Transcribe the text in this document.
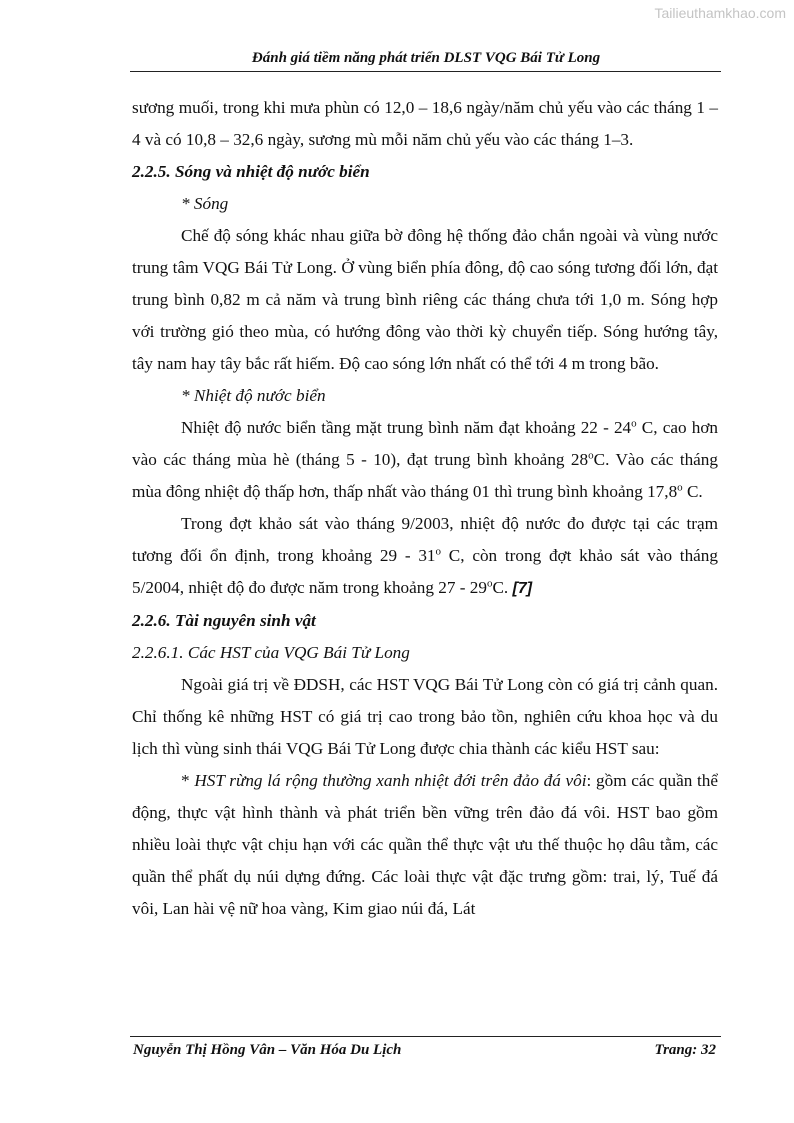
Tailieuthamkhao.com
Đánh giá tiềm năng phát triển DLST VQG Bái Tử Long

sương muối, trong khi mưa phùn có 12,0 – 18,6 ngày/năm chủ yếu vào các tháng 1 – 4 và có 10,8 – 32,6 ngày, sương mù mỗi năm chủ yếu vào các tháng 1–3.

2.2.5. Sóng và nhiệt độ nước biển

* Sóng

Chế độ sóng khác nhau giữa bờ đông hệ thống đảo chắn ngoài và vùng nước trung tâm VQG Bái Tử Long. Ở vùng biển phía đông, độ cao sóng tương đối lớn, đạt trung bình 0,82 m cả năm và trung bình riêng các tháng chưa tới 1,0 m. Sóng hợp với trường gió theo mùa, có hướng đông vào thời kỳ chuyển tiếp. Sóng hướng tây, tây nam hay tây bắc rất hiếm. Độ cao sóng lớn nhất có thể tới 4 m trong bão.

* Nhiệt độ nước biển

Nhiệt độ nước biển tầng mặt trung bình năm đạt khoảng 22 - 24$^o$ C, cao hơn vào các tháng mùa hè (tháng 5 - 10), đạt trung bình khoảng 28$^o$C. Vào các tháng mùa đông nhiệt độ thấp hơn, thấp nhất vào tháng 01 thì trung bình khoảng 17,8$^o$ C.

Trong đợt khảo sát vào tháng 9/2003, nhiệt độ nước đo được tại các trạm tương đối ổn định, trong khoảng 29 - 31$^o$ C, còn trong đợt khảo sát vào tháng 5/2004, nhiệt độ đo được năm trong khoảng 27 - 29$^o$C. [7]

2.2.6. Tài nguyên sinh vật

2.2.6.1. Các HST của VQG Bái Tử Long

Ngoài giá trị về ĐDSH, các HST VQG Bái Tử Long còn có giá trị cảnh quan. Chỉ thống kê những HST có giá trị cao trong bảo tồn, nghiên cứu khoa học và du lịch thì vùng sinh thái VQG Bái Tử Long được chia thành các kiểu HST sau:

* HST rừng lá rộng thường xanh nhiệt đới trên đảo đá vôi: gồm các quần thể động, thực vật hình thành và phát triển bền vững trên đảo đá vôi. HST bao gồm nhiều loài thực vật chịu hạn với các quần thể thực vật ưu thế thuộc họ dâu tằm, các quần thể phất dụ núi dựng đứng. Các loài thực vật đặc trưng gồm: trai, lý, Tuế đá vôi, Lan hài vệ nữ hoa vàng, Kim giao núi đá, Lát

Nguyễn Thị Hồng Vân – Văn Hóa Du Lịch	Trang: 32
